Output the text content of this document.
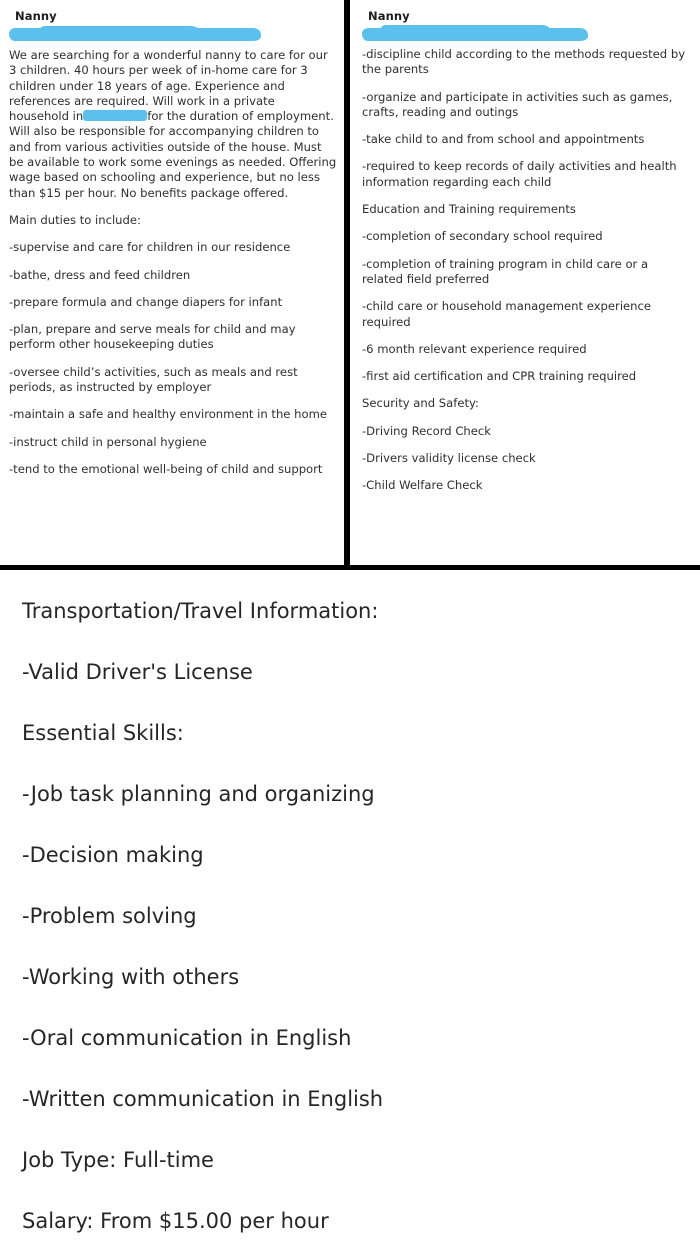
Nanny

We are searching for a wonderful nanny to care for our 3 children. 40 hours per week of in-home care for 3 children under 18 years of age. Experience and references are required. Will work in a private household in	for the duration of employment. Will also be responsible for accompanying children to and from various activities outside of the house. Must be available to work some evenings as needed. Offering wage based on schooling and experience, but no less than $15 per hour. No benefits package offered.

Main duties to include:

-supervise and care for children in our residence

-bathe, dress and feed children

-prepare formula and change diapers for infant

-plan, prepare and serve meals for child and may perform other housekeeping duties

-oversee child’s activities, such as meals and rest periods, as instructed by employer

-maintain a safe and healthy environment in the home

-instruct child in personal hygiene

-tend to the emotional well-being of child and support

Nanny

-discipline child according to the methods requested by the parents

-organize and participate in activities such as games, crafts, reading and outings

-take child to and from school and appointments

-required to keep records of daily activities and health information regarding each child

Education and Training requirements

-completion of secondary school required

-completion of training program in child care or a related field preferred

-child care or household management experience required

-6 month relevant experience required

-first aid certification and CPR training required

Security and Safety:

-Driving Record Check

-Drivers validity license check

-Child Welfare Check

Transportation/Travel Information:
-Valid Driver's License
Essential Skills:
-Job task planning and organizing
-Decision making
-Problem solving
-Working with others
-Oral communication in English
-Written communication in English
Job Type: Full-time
Salary: From $15.00 per hour
